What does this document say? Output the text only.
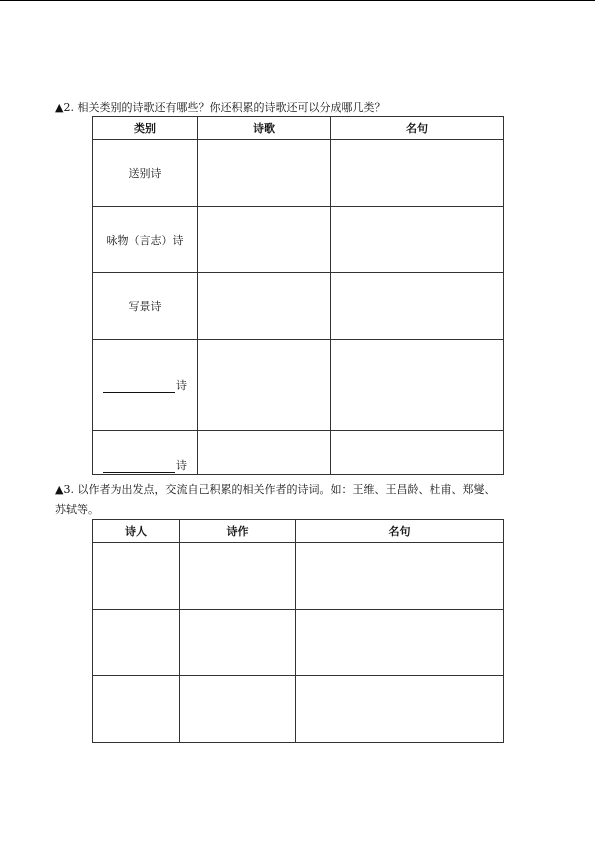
▲2. 相关类别的诗歌还有哪些？你还积累的诗歌还可以分成哪几类？
类别	诗歌	名句
送别诗		
咏物（言志）诗		
写景诗		
诗		
诗		
▲3. 以作者为出发点，交流自己积累的相关作者的诗词。如：王维、王昌龄、杜甫、郑燮、
苏轼等。
诗人	诗作	名句
